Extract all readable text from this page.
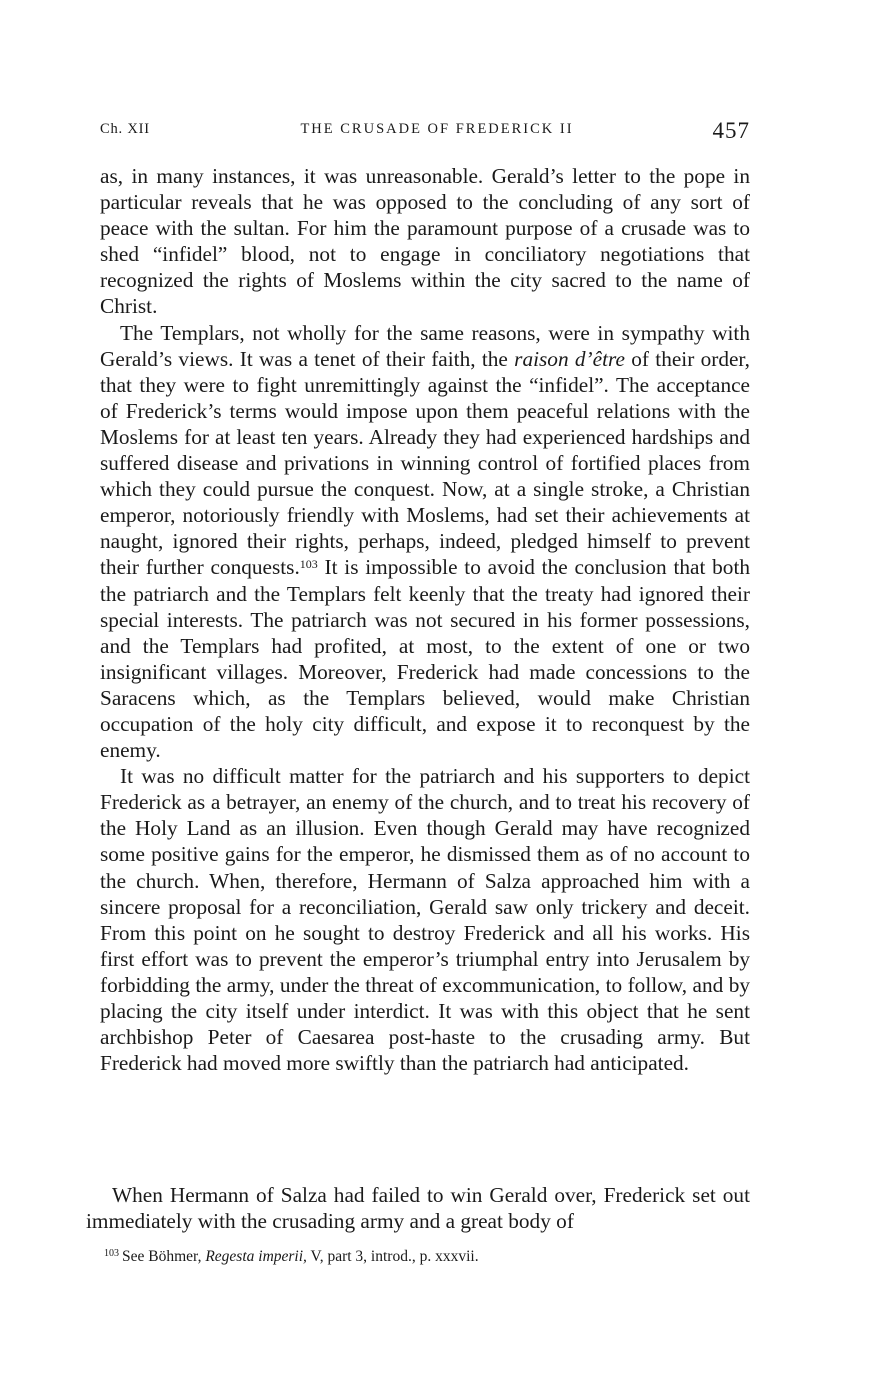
Ch. XII	THE CRUSADE OF FREDERICK II	457

as, in many instances, it was unreasonable. Gerald’s letter to the pope in particular reveals that he was opposed to the concluding of any sort of peace with the sultan. For him the paramount purpose of a crusade was to shed “infidel” blood, not to engage in conciliatory negotiations that recognized the rights of Moslems within the city sacred to the name of Christ.

The Templars, not wholly for the same reasons, were in sympathy with Gerald’s views. It was a tenet of their faith, the raison d’être of their order, that they were to fight unremittingly against the “infidel”. The acceptance of Frederick’s terms would impose upon them peaceful relations with the Moslems for at least ten years. Already they had experienced hardships and suffered disease and privations in winning control of fortified places from which they could pursue the conquest. Now, at a single stroke, a Christian emperor, notoriously friendly with Moslems, had set their achievements at naught, ignored their rights, perhaps, indeed, pledged himself to prevent their further conquests.$^{103}$ It is impossible to avoid the conclusion that both the patriarch and the Templars felt keenly that the treaty had ignored their special interests. The patriarch was not secured in his former possessions, and the Templars had profited, at most, to the extent of one or two insignificant villages. Moreover, Frederick had made concessions to the Saracens which, as the Templars believed, would make Christian occupation of the holy city difficult, and expose it to reconquest by the enemy.

It was no difficult matter for the patriarch and his supporters to depict Frederick as a betrayer, an enemy of the church, and to treat his recovery of the Holy Land as an illusion. Even though Gerald may have recognized some positive gains for the emperor, he dismissed them as of no account to the church. When, therefore, Hermann of Salza approached him with a sincere proposal for a reconciliation, Gerald saw only trickery and deceit. From this point on he sought to destroy Frederick and all his works. His first effort was to prevent the emperor’s triumphal entry into Jerusalem by forbidding the army, under the threat of excommunication, to follow, and by placing the city itself under interdict. It was with this object that he sent archbishop Peter of Caesarea post-haste to the crusading army. But Frederick had moved more swiftly than the patriarch had anticipated.

When Hermann of Salza had failed to win Gerald over, Frederick set out immediately with the crusading army and a great body of

$^{103}$ See Böhmer, Regesta imperii, V, part 3, introd., p. xxxvii.
